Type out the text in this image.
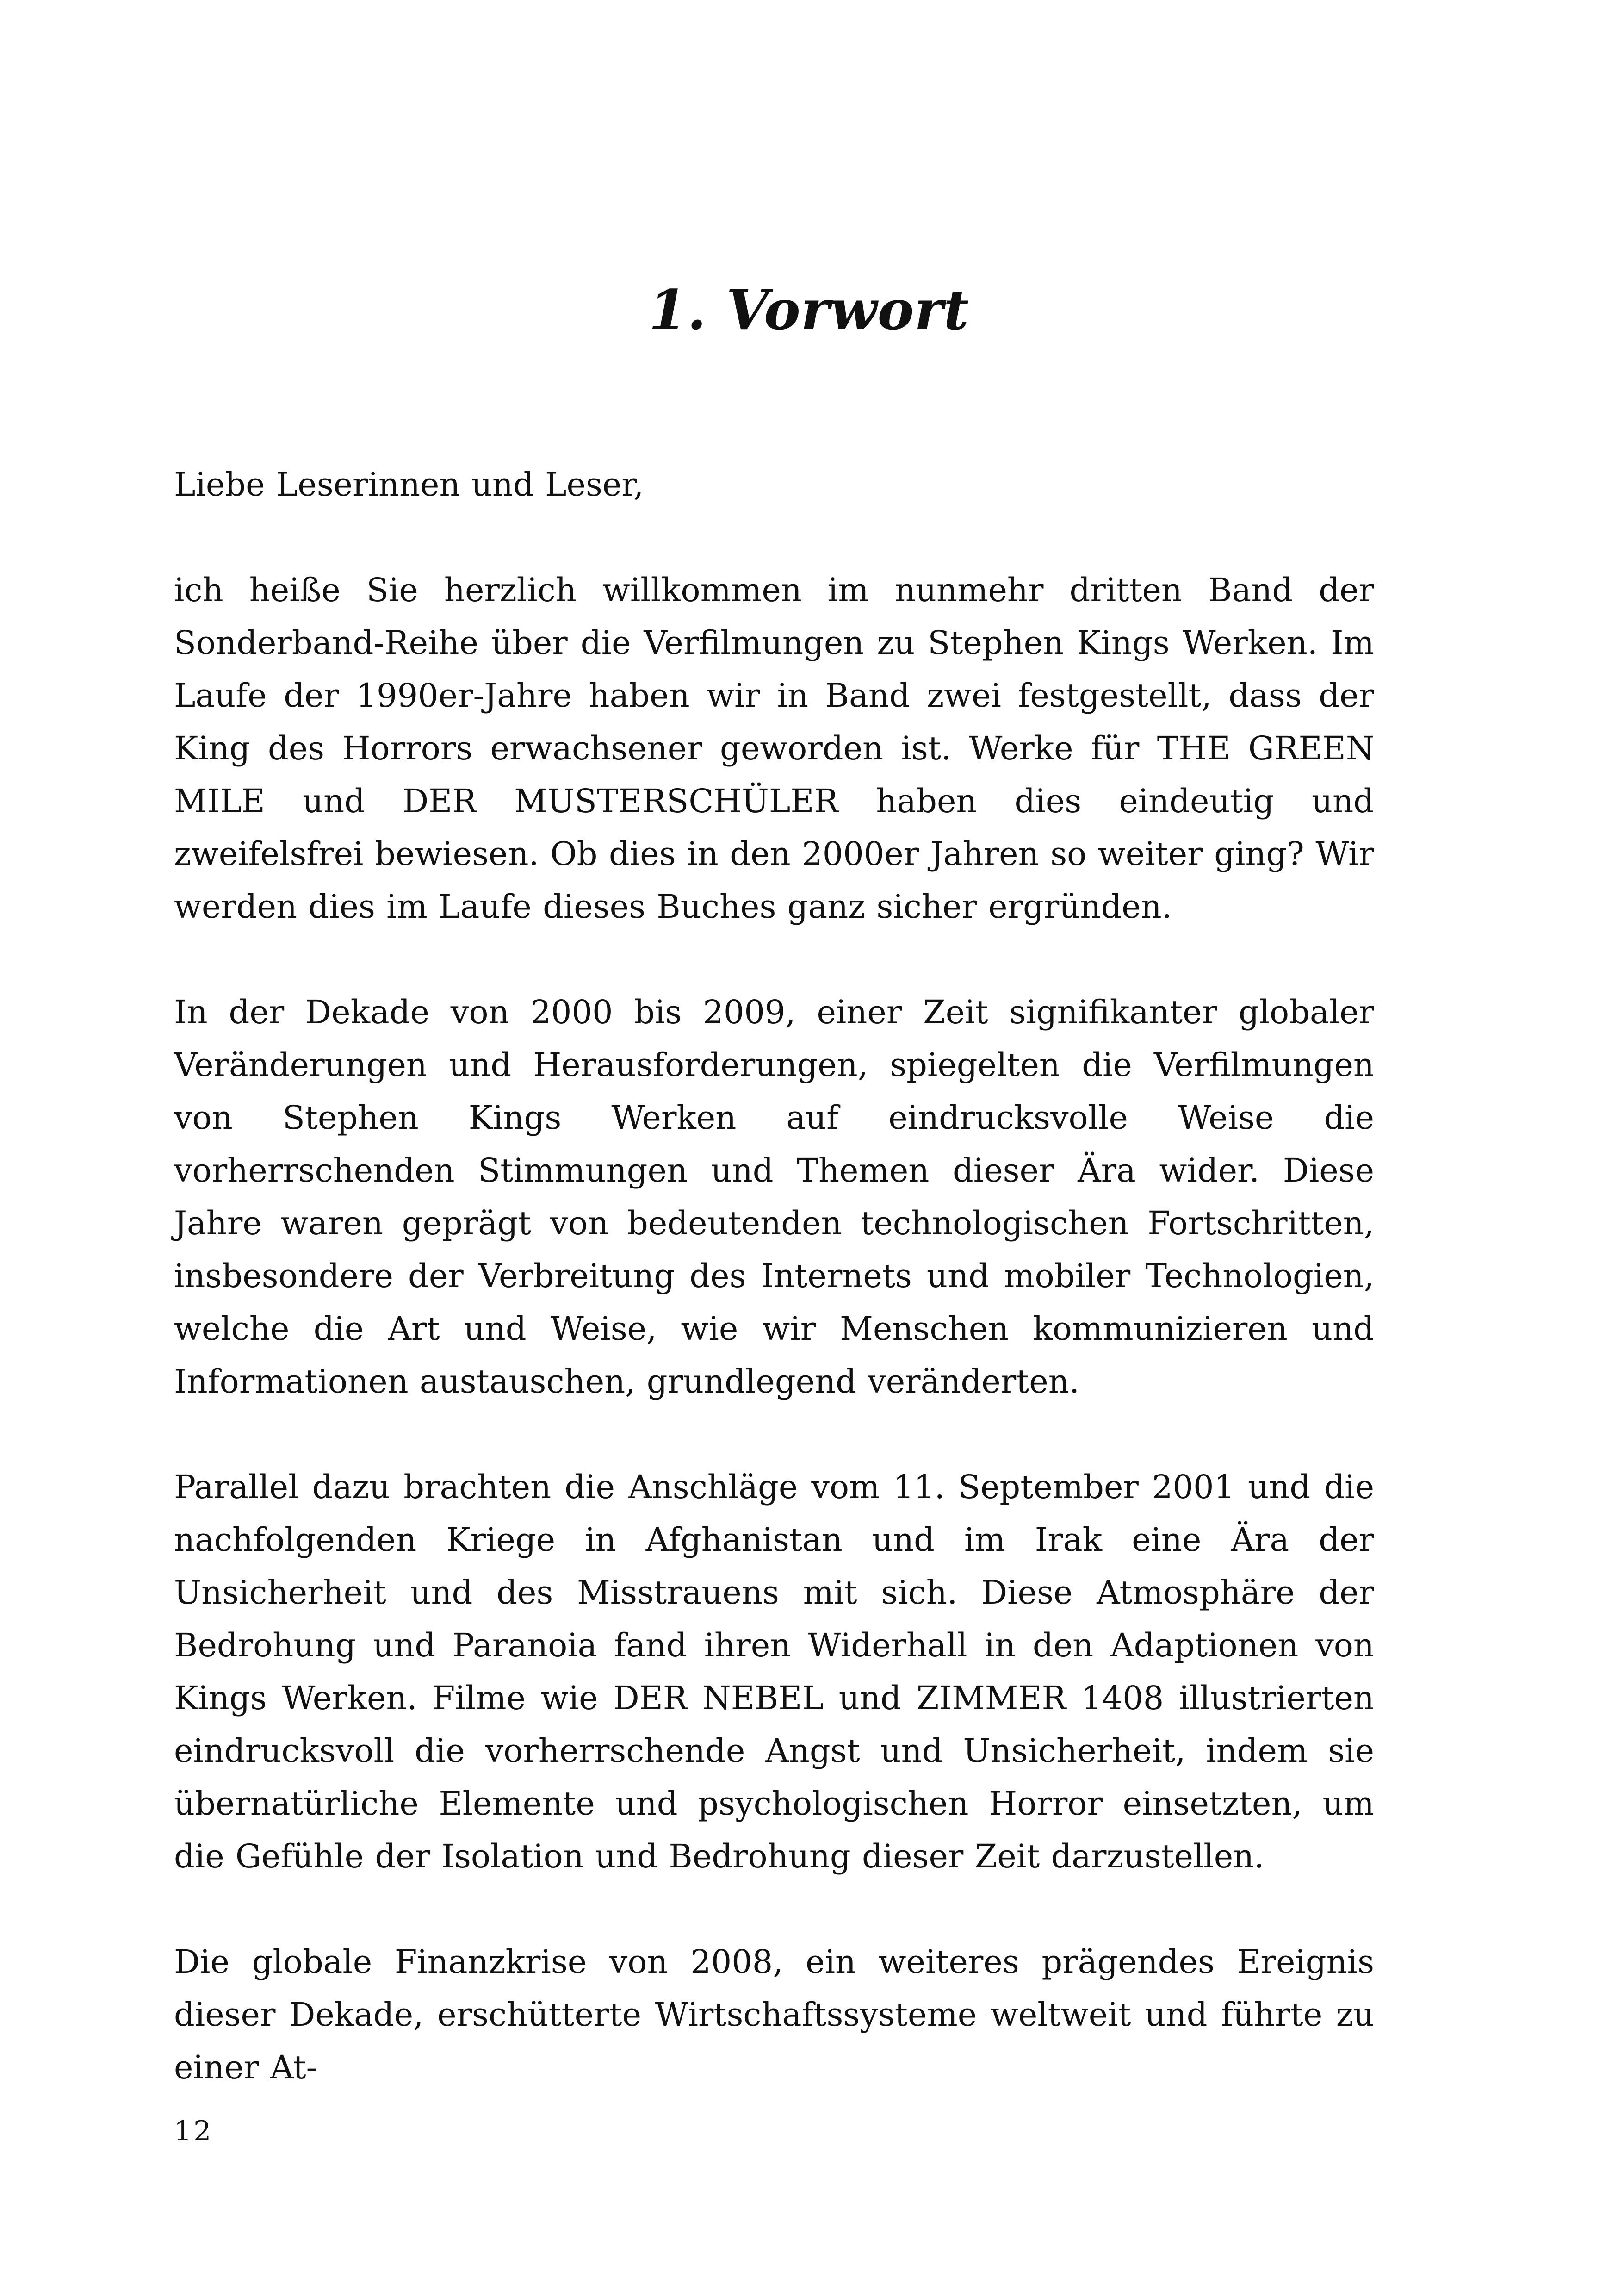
1. Vorwort

Liebe Leserinnen und Leser,

ich heiße Sie herzlich willkommen im nunmehr dritten Band der Sonderband-Reihe über die Verfilmungen zu Stephen Kings Werken. Im Laufe der 1990er-Jahre haben wir in Band zwei festgestellt, dass der King des Horrors erwachsener geworden ist. Werke für THE GREEN MILE und DER MUSTERSCHÜLER haben dies eindeutig und zweifelsfrei bewiesen. Ob dies in den 2000er Jahren so weiter ging? Wir werden dies im Laufe dieses Buches ganz sicher ergründen.

In der Dekade von 2000 bis 2009, einer Zeit signifikanter globaler Veränderungen und Herausforderungen, spiegelten die Verfilmungen von Stephen Kings Werken auf eindrucksvolle Weise die vorherrschenden Stimmungen und Themen dieser Ära wider. Diese Jahre waren geprägt von bedeutenden technologischen Fortschritten, insbesondere der Verbreitung des Internets und mobiler Technologien, welche die Art und Weise, wie wir Menschen kommunizieren und Informationen austauschen, grundlegend veränderten.

Parallel dazu brachten die Anschläge vom 11. September 2001 und die nachfolgenden Kriege in Afghanistan und im Irak eine Ära der Unsicherheit und des Misstrauens mit sich. Diese Atmosphäre der Bedrohung und Paranoia fand ihren Widerhall in den Adaptionen von Kings Werken. Filme wie DER NEBEL und ZIMMER 1408 illustrierten eindrucksvoll die vorherrschende Angst und Unsicherheit, indem sie übernatürliche Elemente und psychologischen Horror einsetzten, um die Gefühle der Isolation und Bedrohung dieser Zeit darzustellen.

Die globale Finanzkrise von 2008, ein weiteres prägendes Ereignis dieser Dekade, erschütterte Wirtschaftssysteme weltweit und führte zu einer At-

12
